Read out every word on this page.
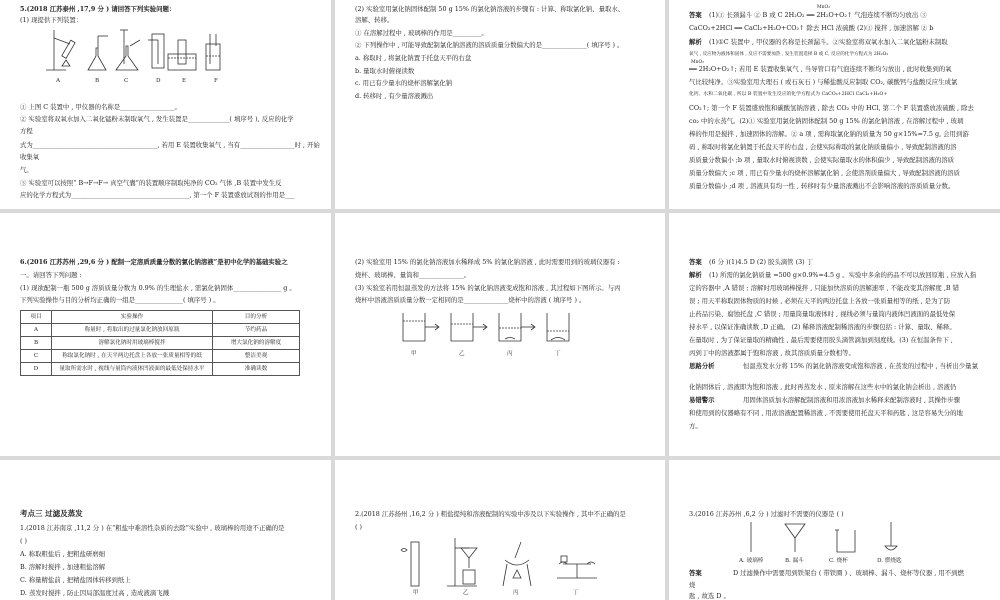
5.(2018 江苏泰州 ,17,9 分 ) 请回答下列实验问题：
(1) 现提供下列装置：
A	B	C	D	E	F
① 上图 C 装置中 , 甲仪器的名称是_________________。
② 实验室将双氧水加入二氧化锰粉末制取氧气 , 发生装置是_____________( 填序号 ), 反应的化学
方程
式为_______________________________________, 若用 E 装置收集氧气 , 当有_________________时 , 开始
收集氧
气。
③ 实验室可以按照“ B→F→F→ 真空气囊”的装置顺序制取纯净的 CO₂ 气体 ,B 装置中发生反
应的化学方程式为_____________________________________, 第一个 F 装置盛放试剂的作用是___
(2) 实验室用氯化钠固体配制 50 g 15% 的氯化钠溶液的步骤有 : 计算、称取氯化钠、量取水、
溶解、转移。
① 在溶解过程中 , 玻璃棒的作用是_________。
② 下列操作中 , 可能导致配制氯化钠溶液的溶质质量分数偏大的是______________( 填序号 ) 。
a. 称取时 , 将氯化钠置于托盘天平的右盘
b. 量取水时俯视读数
c. 用已有少量水的烧杯溶解氯化钠
d. 转移时 , 有少量溶液溅出
答案
MnO₂
(1)① 长颈漏斗 ② B 或 C 2H₂O₂ ══ 2H₂O+O₂↑ 气泡连续不断均匀放出 ③
CaCO₃+2HCl ══ CaCl₂+H₂O+CO₂↑ 除去 HCl 浓硫酸 (2)① 搅拌 , 加速溶解 ② b
解析 (1)①C 装置中 , 甲仪器的名称是长颈漏斗。②实验室将双氧水加入二氧化锰粉末制取
氧气 , 反应物为液体和固体 , 反应不需要加热 , 发生装置选择 B 或 C, 反应的化学方程式为 2H₂O₂
MnO₂
══ 2H₂O+O₂↑; 若用 E 装置收集氧气 , 当导管口有气泡连续不断均匀放出 , 此时收集到的氧
气比较纯净。③实验室用大理石 ( 或石灰石 ) 与稀盐酸反应制取 CO₂, 碳酸钙与盐酸反应生成氯
化钙、水和二氧化碳 , 所以 B 装置中发生反应的化学方程式为 CaCO₃+2HCl CaCl₂+H₂O+
CO₂↑; 第一个 F 装置盛放饱和碳酸氢钠溶液 , 除去 CO₂ 中的 HCl, 第二个 F 装置盛放浓硫酸 , 除去
co₂ 中的水蒸气。(2)① 实验室用氯化钠固体配制 50 g 15% 的氯化钠溶液 , 在溶解过程中 , 玻璃
棒的作用是搅拌 , 加速固体的溶解。② a 项 , 需称取氯化钠的质量为 50 g×15%=7.5 g, 会用到游
码 , 称取时将氯化钠置于托盘天平的右盘 , 会使实际称取的氯化钠质量偏小 , 导致配制溶液的溶
质质量分数偏小 ;b 项 , 量取水时俯视读数 , 会使实际量取水的体积偏少 , 导致配制溶液的溶质
质量分数偏大 ;c 项 , 用已有少量水的烧杯溶解氯化钠 , 会使溶剂质量偏大 , 导致配制溶液的溶质
质量分数偏小 ;d 项 , 溶液具有均一性 , 转移时有少量溶液溅出不会影响溶液的溶质质量分数。
6.(2016 江苏苏州 ,29,6 分 ) 配制一定溶质质量分数的氯化钠溶液”是初中化学的基础实验之
一。请回答下列问题 :
(1) 现欲配制一瓶 500 g 溶质质量分数为 0.9% 的生理盐水 , 需氯化钠固体_______________ g 。
下列实验操作与目的分析均正确的一组是_______________( 填序号 ) 。
项目	实验操作	目的分析
A	称量时 , 将取出的过量氯化钠放回原瓶	节约药品
B	溶解氯化钠时用玻璃棒搅拌	增大氯化钠的溶解度
C	称取氯化钠时 , 在天平两边托盘上各放一张质量相等的纸	整洁美观
D	量取所需水时 , 视线与量筒内液体凹液面的最低处保持水平	准确读数
(2) 实验室用 15% 的氯化钠溶液加水稀释成 5% 的氯化钠溶液 , 此时需要用到的玻璃仪器有 :
烧杯、玻璃棒、量筒和______________。
(3) 实验室若用恒温蒸发的方法将 15% 的氯化钠溶液变成饱和溶液 , 其过程如下图所示。与丙
烧杯中溶液溶质质量分数一定相同的是______________烧杯中的溶液 ( 填序号 ) 。
甲	乙	丙	丁
答案 (6 分 )(1)4.5 D (2) 胶头滴管 (3) 丁
解析 (1) 所需的氯化钠质量 =500 g×0.9%=4.5 g 。实验中多余的药品不可以放回原瓶 , 应放入指
定的容器中 ,A 错误 ; 溶解时用玻璃棒搅拌 , 只能加快溶质的溶解速率 , 不能改变其溶解度 ,B 错
误 ; 用天平称取固体物质的时候 , 必须在天平的两边托盘上各放一张质量相等的纸 , 是为了防
止药品污染、腐蚀托盘 ,C 错误 ; 用量筒量取液体时 , 视线必须与量筒内液体凹液面的最低处保
持水平 , 以保证准确读数 ,D 正确。 (2) 稀释溶液配制稀溶液的步骤包括 : 计算、量取、稀释。
在量取时 , 为了保证量取的精确性 , 最后需要使用胶头滴管滴加到刻度线。(3) 在恒温条件下 ,
丙到丁中的溶液都属于饱和溶液 , 故其溶质质量分数相等。
思路分析	恒温蒸发水分将 15% 的氯化钠溶液变成饱和溶液 , 在蒸发的过程中 , 当析出少量氯
化钠固体后 , 溶液即为饱和溶液 , 此时再蒸发水 , 原来溶解在这些水中的氯化钠会析出 , 溶液仍
易错警示	用固体溶质加水溶解配制溶液和用浓溶液加水稀释来配制溶液时 , 其操作步骤
和使用到的仪器略有不同 , 用浓溶液配置稀溶液 , 不需要使用托盘天平和药匙 , 这是容易失分的地
方。
考点三 过滤及蒸发
1.(2018 江苏南京 ,11,2 分 ) 在“粗盐中难溶性杂质的去除”实验中 , 玻璃棒的用途不正确的是
( )
A. 称取粗盐后 , 把粗盐研磨细
B. 溶解时搅拌 , 加速粗盐溶解
C. 称量精盐前 , 把精盐固体转移到纸上
D. 蒸发时搅拌 , 防止因局部温度过高 , 造成液滴飞溅
2.(2018 江苏扬州 ,16,2 分 ) 粗盐提纯和溶液配制的实验中涉及以下实验操作 , 其中不正确的是
( )
甲	乙	丙	丁
3.(2016 江苏苏州 ,6,2 分 ) 过滤时不需要的仪器是 ( )
A. 玻璃棒	B. 漏斗	C. 烧杯	D. 燃烧匙
答案	D 过滤操作中需要用到铁架台 ( 带铁圈 ) 、玻璃棒、漏斗、烧杯等仪器 , 用不到燃
烧
匙 , 故选 D 。
